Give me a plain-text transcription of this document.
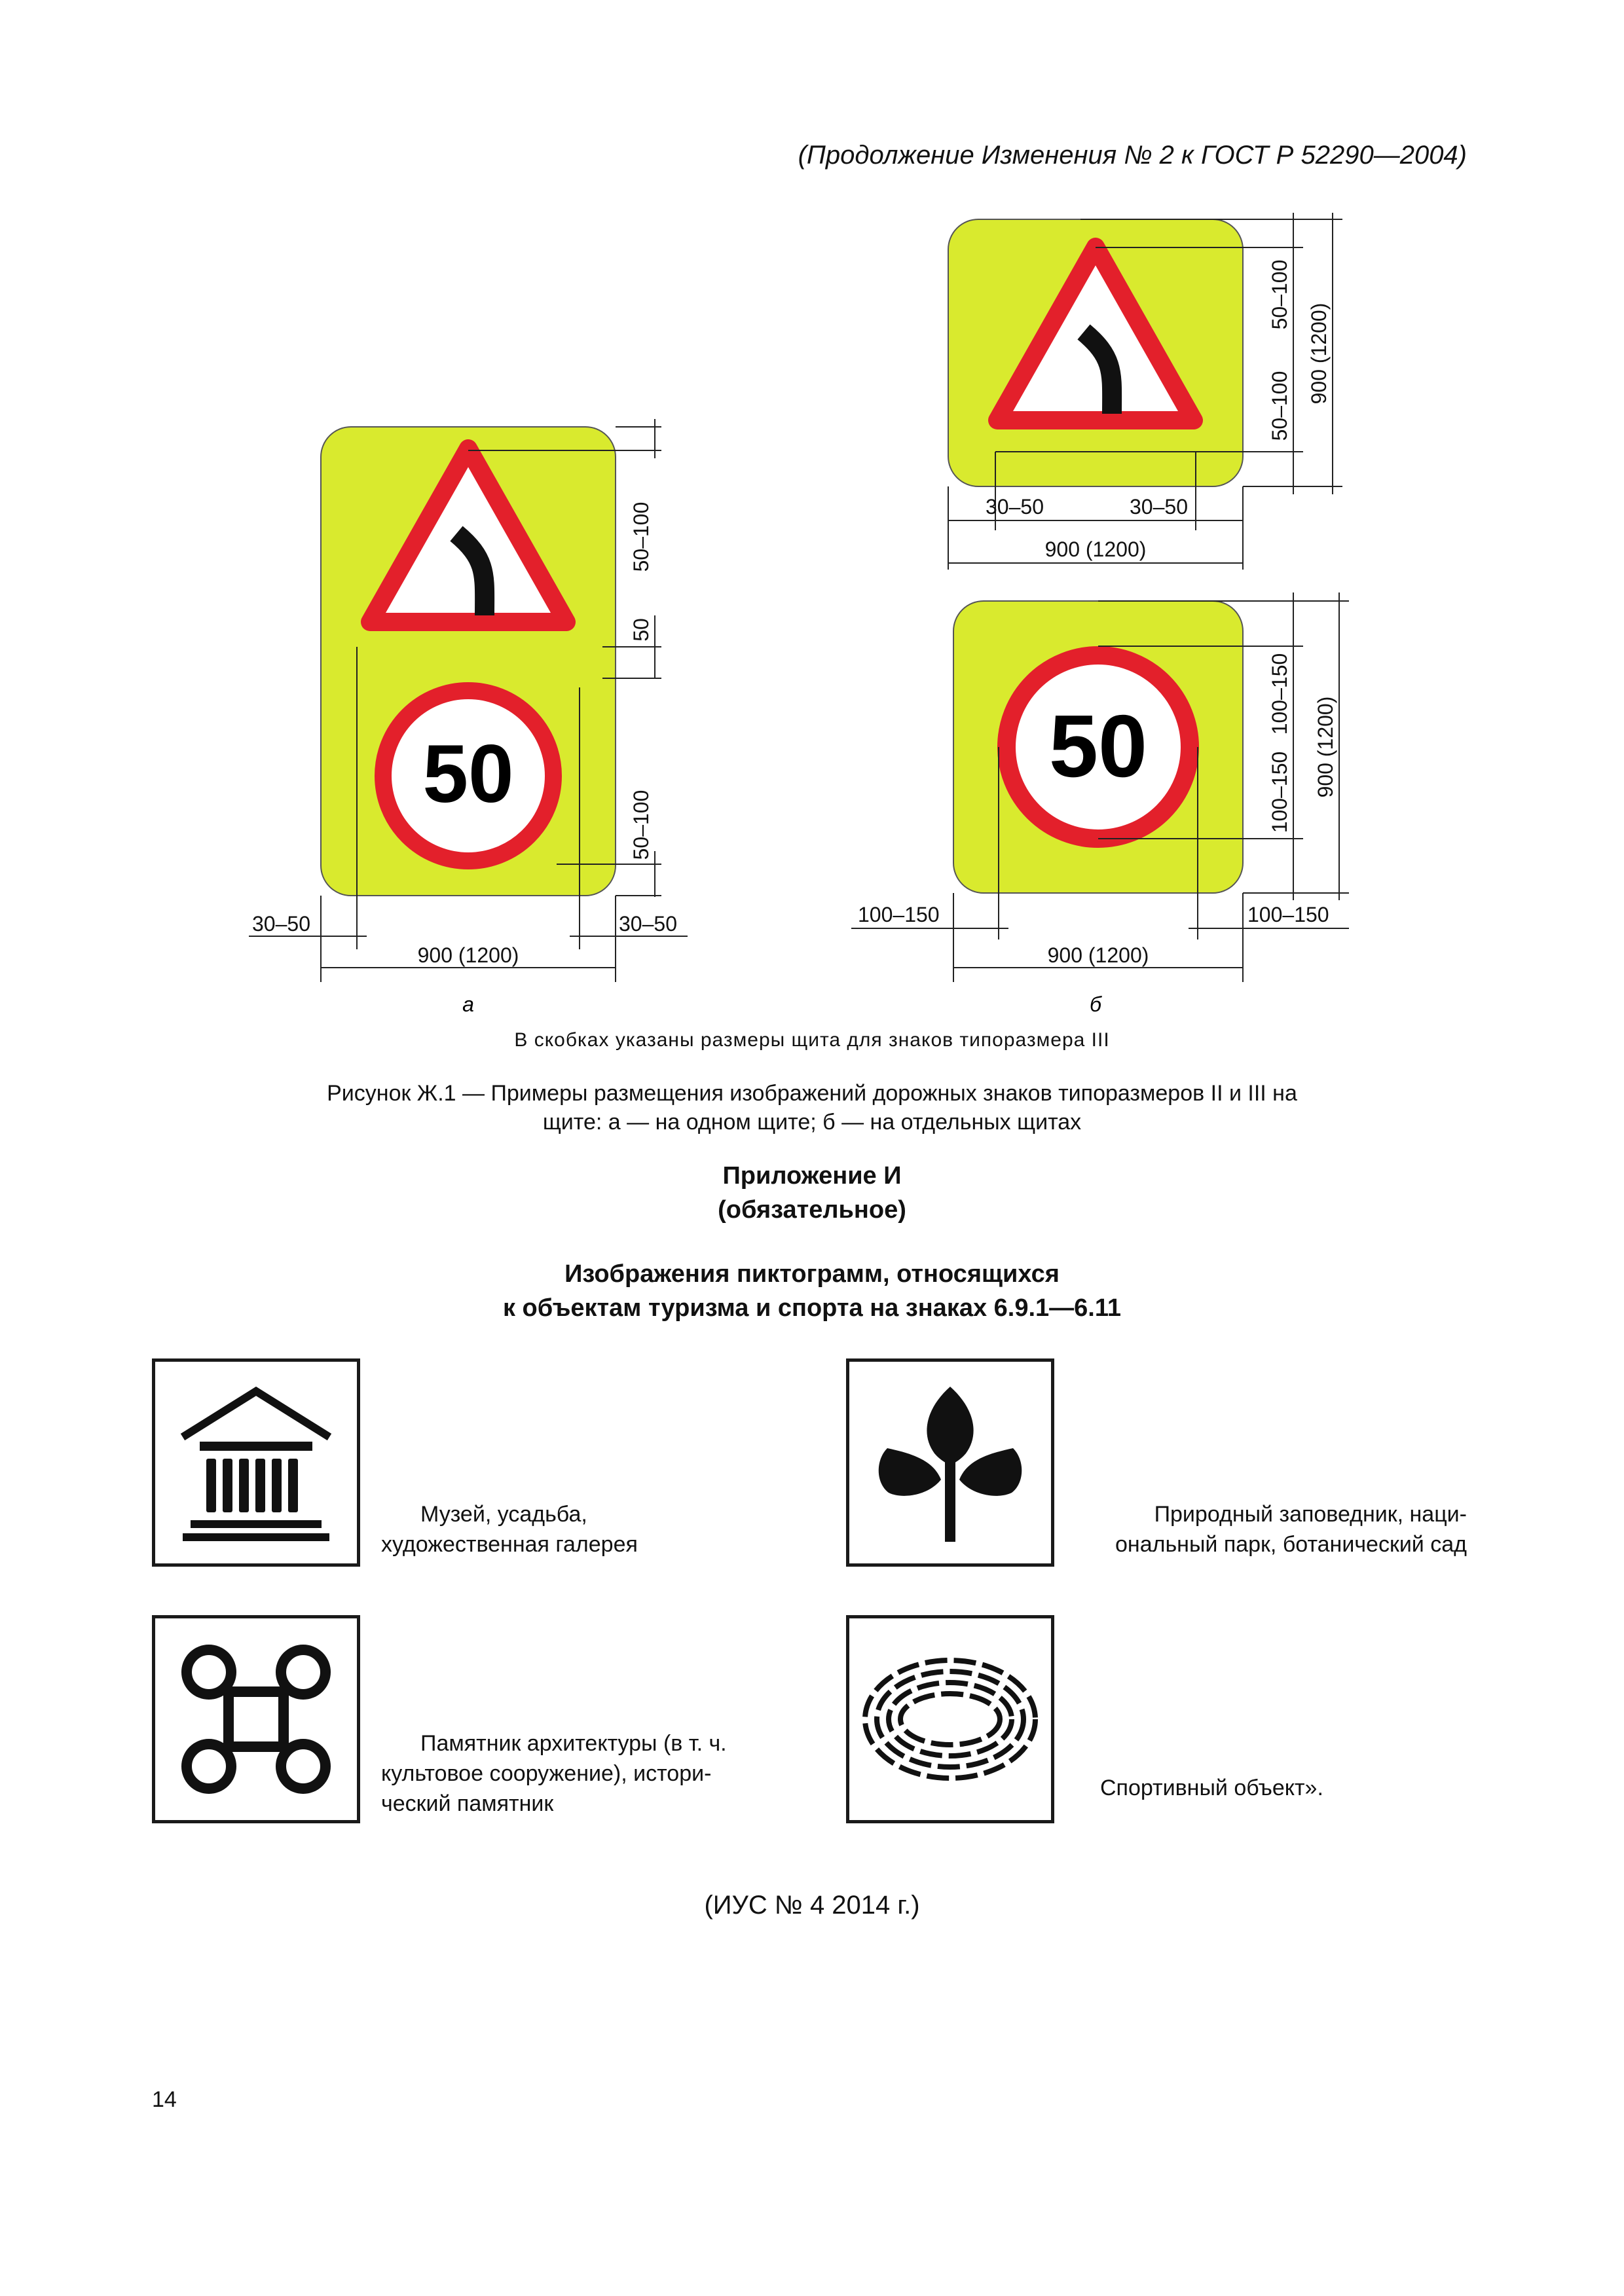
(Продолжение Изменения № 2 к ГОСТ Р 52290—2004)
50
50–100
50
50–100
30–50	30–50
900 (1200)
50–100
50–100
900 (1200)
30–50	30–50
900 (1200)
50
100–150
100–150 900 (1200)
100–150	100–150
900 (1200)
а	б
В скобках указаны размеры щита для знаков типоразмера III
Рисунок Ж.1 — Примеры размещения изображений дорожных знаков типоразмеров II и III на
щите: а — на одном щите; б — на отдельных щитах
Приложение И
(обязательное)
Изображения пиктограмм, относящихся
к объектам туризма и спорта на знаках 6.9.1—6.11
Музей, усадьба,
художественная галерея
Природный заповедник, наци-
ональный парк, ботанический сад
Памятник архитектуры (в т. ч.
культовое сооружение), истори-
ческий памятник
Спортивный объект».
(ИУС № 4 2014 г.)
14
